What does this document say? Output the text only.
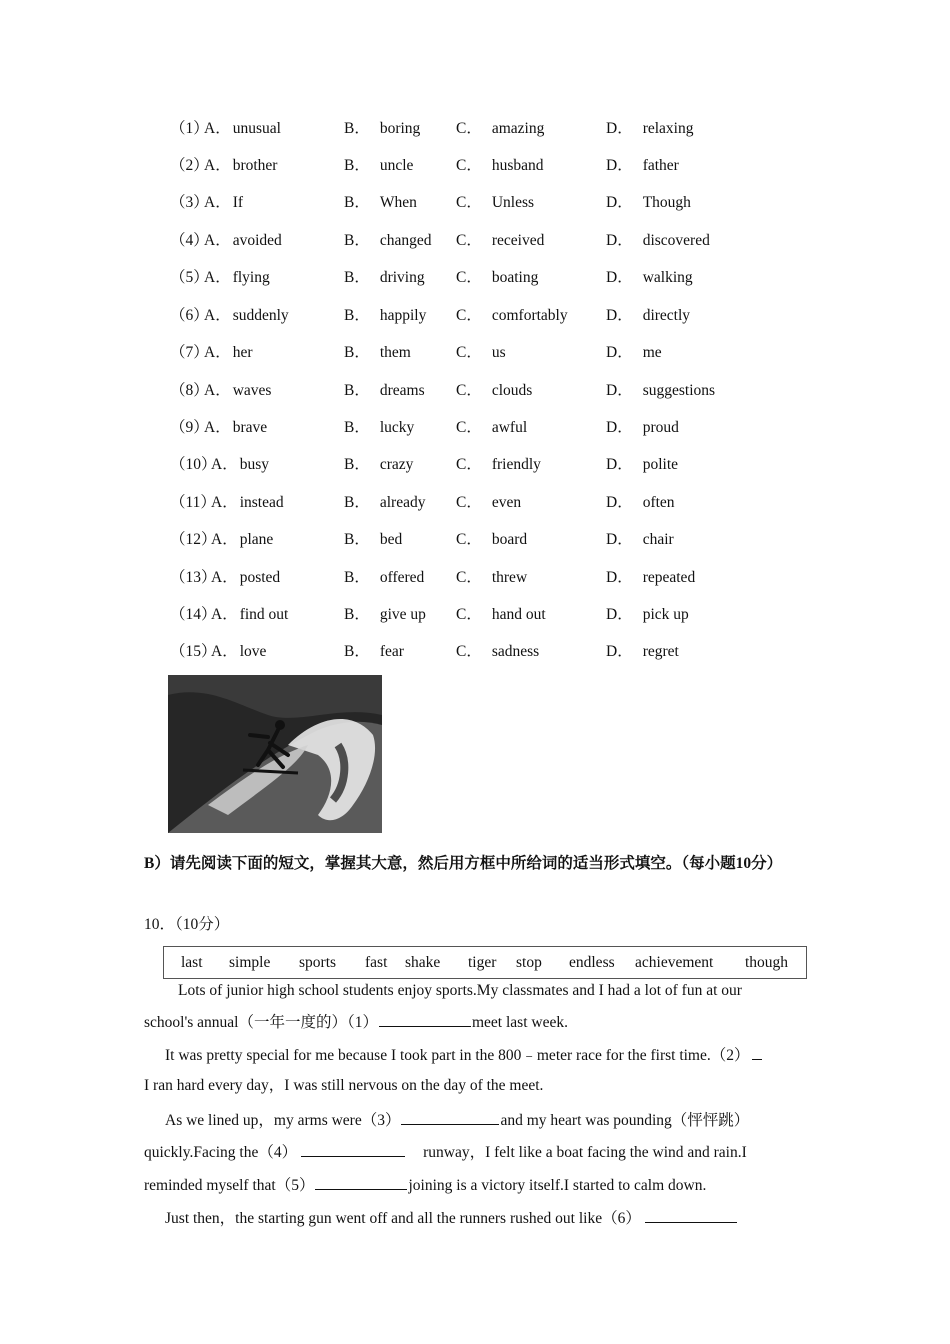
（1）
A． unusual	B． boring C． amazing	D． relaxing
（2）
A． brother	B． uncle	C． husband	D． father
（3）
A． If	B． When	C． Unless	D． Though
（4）
A． avoided	B． changed C． received	D． discovered
（5）
A． flying	B． driving C． boating	D． walking
（6）
A． suddenly	B． happily C． comfortably D． directly
（7）
A． her	B． them	C． us	D． me
（8）
A． waves	B． dreams C． clouds	D． suggestions
（9）
A． brave	B． lucky	C． awful	D． proud
（10）
A． busy	B． crazy	C． friendly	D． polite
（11）
A． instead	B． already C． even	D． often
（12）
A． plane	B． bed	C． board	D． chair
（13）
A． posted	B． offered C． threw	D． repeated
（14）
A． find out	B． give up C． hand out	D． pick up
（15）
A． love	B． fear	C． sadness	D． regret
B）请先阅读下面的短文，掌握其大意，然后用方框中所给词的适当形式填空。（每小题10分）
10．（10分）
last simple sports fast shake tiger stop endless achievement though
Lots of junior high school students enjoy sports.My classmates and I had a lot of fun at our
school's annual（一年一度的）（1）	meet last week.
It was pretty special for me because I took part in the 800﹣meter race for the first time.（2）
I ran hard every day，I was still nervous on the day of the meet.
As we lined up，my arms were（3）	and my heart was pounding（怦怦跳）
quickly.Facing the（4）	runway，I felt like a boat facing the wind and rain.I
reminded myself that（5）	joining is a victory itself.I started to calm down.
Just then，the starting gun went off and all the runners rushed out like（6）
